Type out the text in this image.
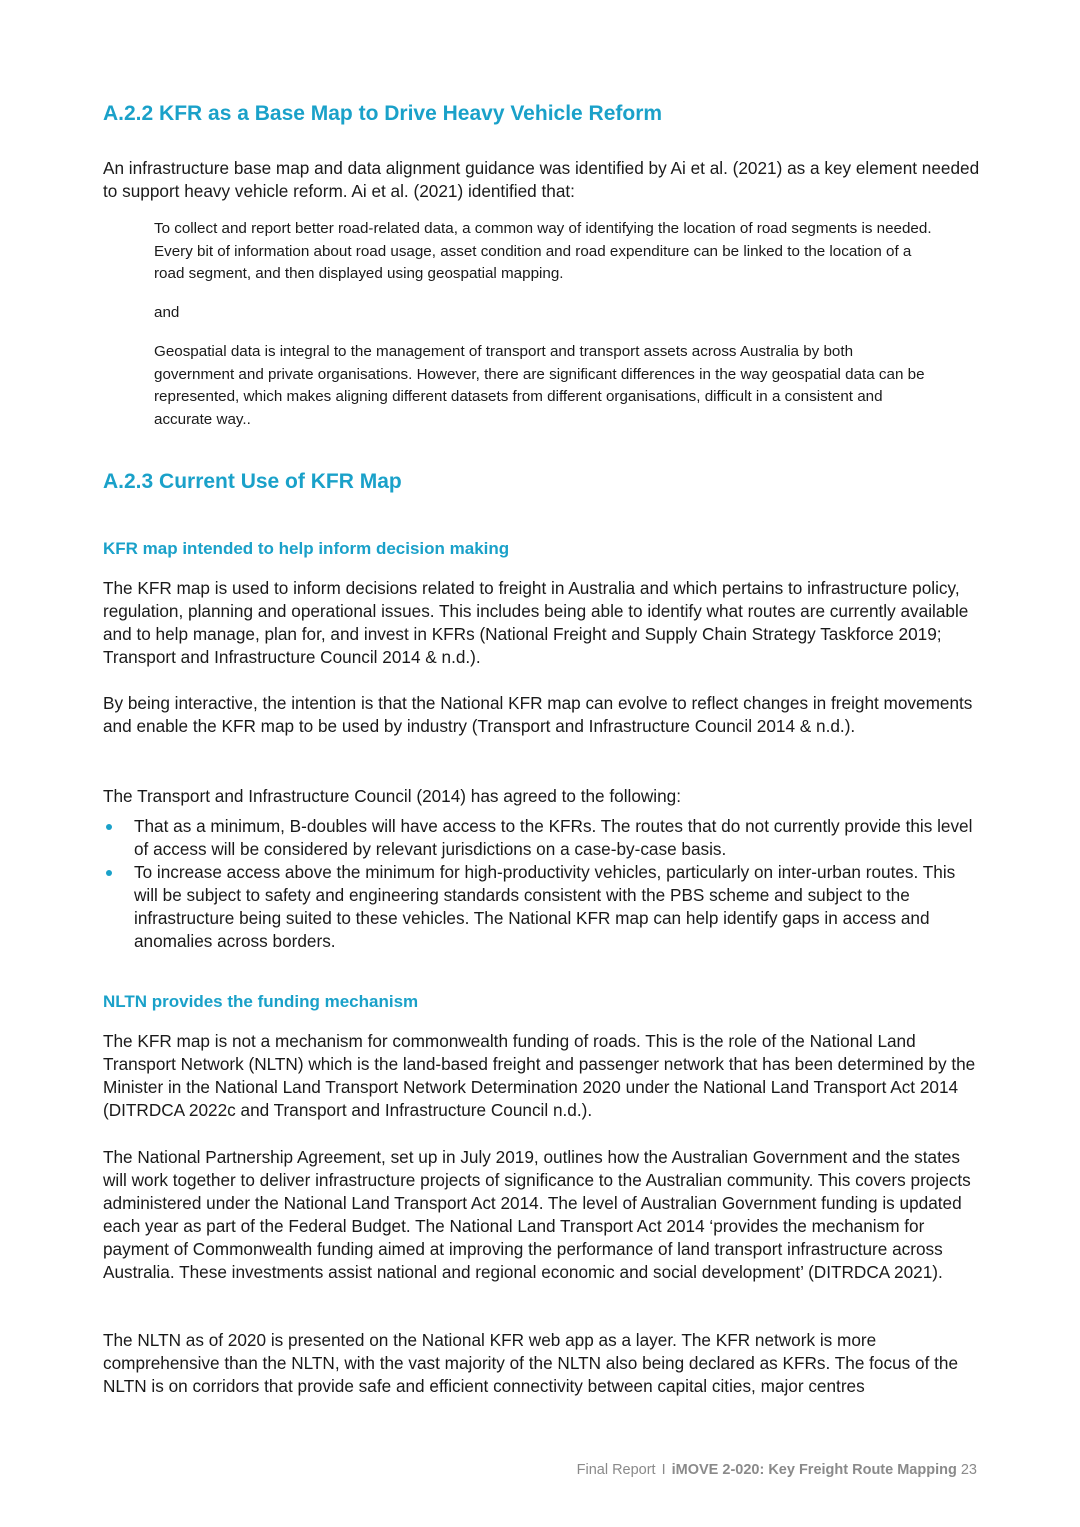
A.2.2 KFR as a Base Map to Drive Heavy Vehicle Reform

An infrastructure base map and data alignment guidance was identified by Ai et al. (2021) as a key element needed to support heavy vehicle reform. Ai et al. (2021) identified that:

To collect and report better road-related data, a common way of identifying the location of road segments is needed. Every bit of information about road usage, asset condition and road expenditure can be linked to the location of a road segment, and then displayed using geospatial mapping.

and

Geospatial data is integral to the management of transport and transport assets across Australia by both government and private organisations. However, there are significant differences in the way geospatial data can be represented, which makes aligning different datasets from different organisations, difficult in a consistent and accurate way..

A.2.3 Current Use of KFR Map
KFR map intended to help inform decision making

The KFR map is used to inform decisions related to freight in Australia and which pertains to infrastructure policy, regulation, planning and operational issues. This includes being able to identify what routes are currently available and to help manage, plan for, and invest in KFRs (National Freight and Supply Chain Strategy Taskforce 2019; Transport and Infrastructure Council 2014 & n.d.).

By being interactive, the intention is that the National KFR map can evolve to reflect changes in freight movements and enable the KFR map to be used by industry (Transport and Infrastructure Council 2014 & n.d.).

The Transport and Infrastructure Council (2014) has agreed to the following:

That as a minimum, B-doubles will have access to the KFRs. The routes that do not currently provide this level of access will be considered by relevant jurisdictions on a case-by-case basis.
To increase access above the minimum for high-productivity vehicles, particularly on inter-urban routes. This will be subject to safety and engineering standards consistent with the PBS scheme and subject to the infrastructure being suited to these vehicles. The National KFR map can help identify gaps in access and anomalies across borders.
NLTN provides the funding mechanism

The KFR map is not a mechanism for commonwealth funding of roads. This is the role of the National Land Transport Network (NLTN) which is the land-based freight and passenger network that has been determined by the Minister in the National Land Transport Network Determination 2020 under the National Land Transport Act 2014 (DITRDCA 2022c and Transport and Infrastructure Council n.d.).

The National Partnership Agreement, set up in July 2019, outlines how the Australian Government and the states will work together to deliver infrastructure projects of significance to the Australian community. This covers projects administered under the National Land Transport Act 2014. The level of Australian Government funding is updated each year as part of the Federal Budget. The National Land Transport Act 2014 ‘provides the mechanism for payment of Commonwealth funding aimed at improving the performance of land transport infrastructure across Australia. These investments assist national and regional economic and social development’ (DITRDCA 2021).

The NLTN as of 2020 is presented on the National KFR web app as a layer. The KFR network is more comprehensive than the NLTN, with the vast majority of the NLTN also being declared as KFRs. The focus of the NLTN is on corridors that provide safe and efficient connectivity between capital cities, major centres

Final Report I iMOVE 2-020: Key Freight Route Mapping 23
